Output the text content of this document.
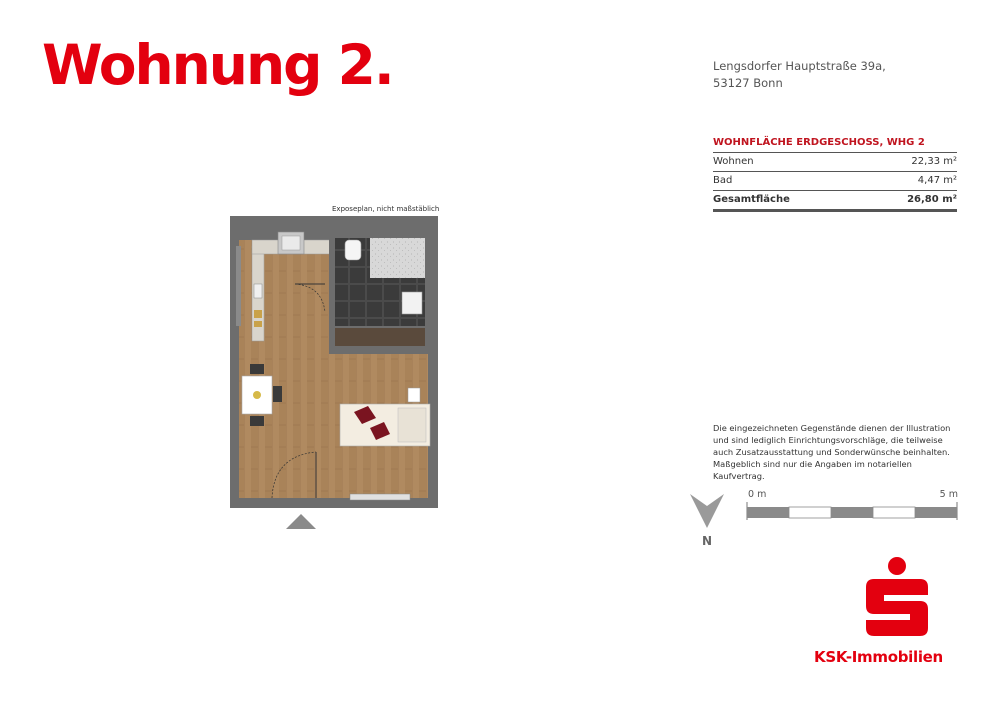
Wohnung 2.	Lengsdorfer Hauptstraße 39a,
53127 Bonn
WOHNFLÄCHE ERDGESCHOSS, WHG 2
Wohnen	22,33 m²
Bad	4,47 m²
Gesamtfläche	26,80 m²
Exposeplan, nicht maßstäblich
Die eingezeichneten Gegenstände dienen der Illustration und sind lediglich Einrichtungsvorschläge, die teilweise auch Zusatzausstattung und Sonderwünsche beinhalten. Maßgeblich sind nur die Angaben im notariellen Kaufvertrag.
N
0 m	5 m
KSK-Immobilien
